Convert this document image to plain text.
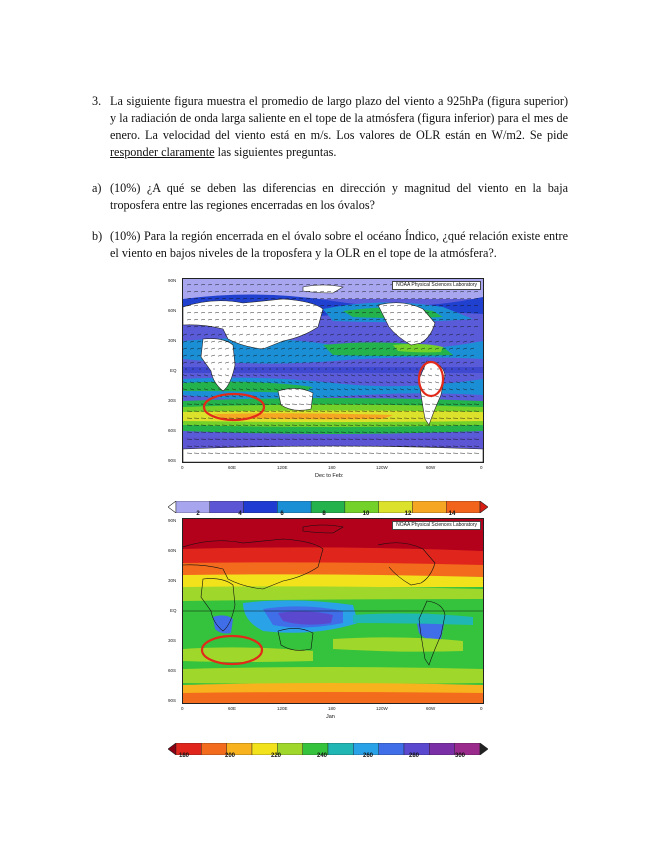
3. La siguiente figura muestra el promedio de largo plazo del viento a 925hPa (figura superior) y la radiación de onda larga saliente en el tope de la atmósfera (figura inferior) para el mes de enero. La velocidad del viento está en m/s. Los valores de OLR están en W/m2. Se pide responder claramente las siguientes preguntas.
a) (10%) ¿A qué se deben las diferencias en dirección y magnitud del viento en la baja troposfera entre las regiones encerradas en los óvalos?
b) (10%) Para la región encerrada en el óvalo sobre el océano Índico, ¿qué relación existe entre el viento en bajos niveles de la troposfera y la OLR en el tope de la atmósfera?.
NOAA Physical Sciences Laboratory
90N
60N
30N
EQ
30S
60S
90S
0	60E	120E	180	120W	60W	0
Dec to Feb:
2	4	6	8	10	12	14
NOAA Physical Sciences Laboratory
90N
60N
30N
EQ
30S
60S
90S
0	60E	120E	180	120W	60W	0
Jan
180	200	220	240	260	280	300
